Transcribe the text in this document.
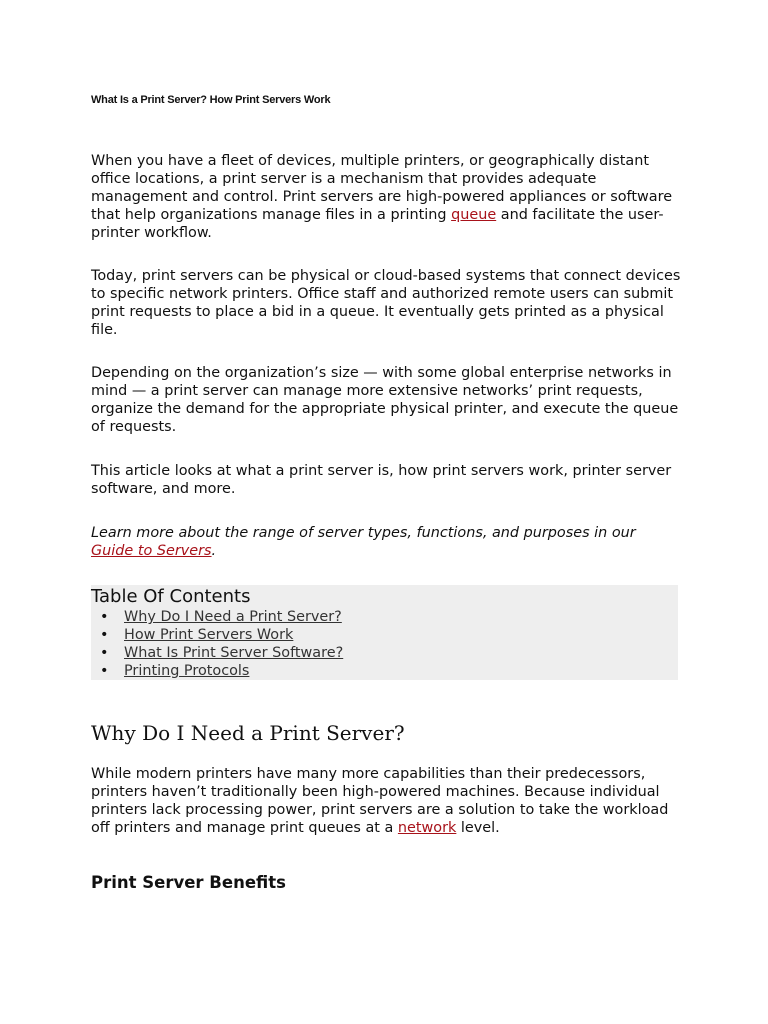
What Is a Print Server? How Print Servers Work

When you have a fleet of devices, multiple printers, or geographically distant office locations, a print server is a mechanism that provides adequate management and control. Print servers are high-powered appliances or software that help organizations manage files in a printing queue and facilitate the user-printer workflow.

Today, print servers can be physical or cloud-based systems that connect devices to specific network printers. Office staff and authorized remote users can submit print requests to place a bid in a queue. It eventually gets printed as a physical file.

Depending on the organization’s size — with some global enterprise networks in mind — a print server can manage more extensive networks’ print requests, organize the demand for the appropriate physical printer, and execute the queue of requests.

This article looks at what a print server is, how print servers work, printer server software, and more.

Learn more about the range of server types, functions, and purposes in our Guide to Servers.

Table Of Contents
• Why Do I Need a Print Server?
• How Print Servers Work
• What Is Print Server Software?
• Printing Protocols
Why Do I Need a Print Server?

While modern printers have many more capabilities than their predecessors, printers haven’t traditionally been high-powered machines. Because individual printers lack processing power, print servers are a solution to take the workload off printers and manage print queues at a network level.

Print Server Benefits
